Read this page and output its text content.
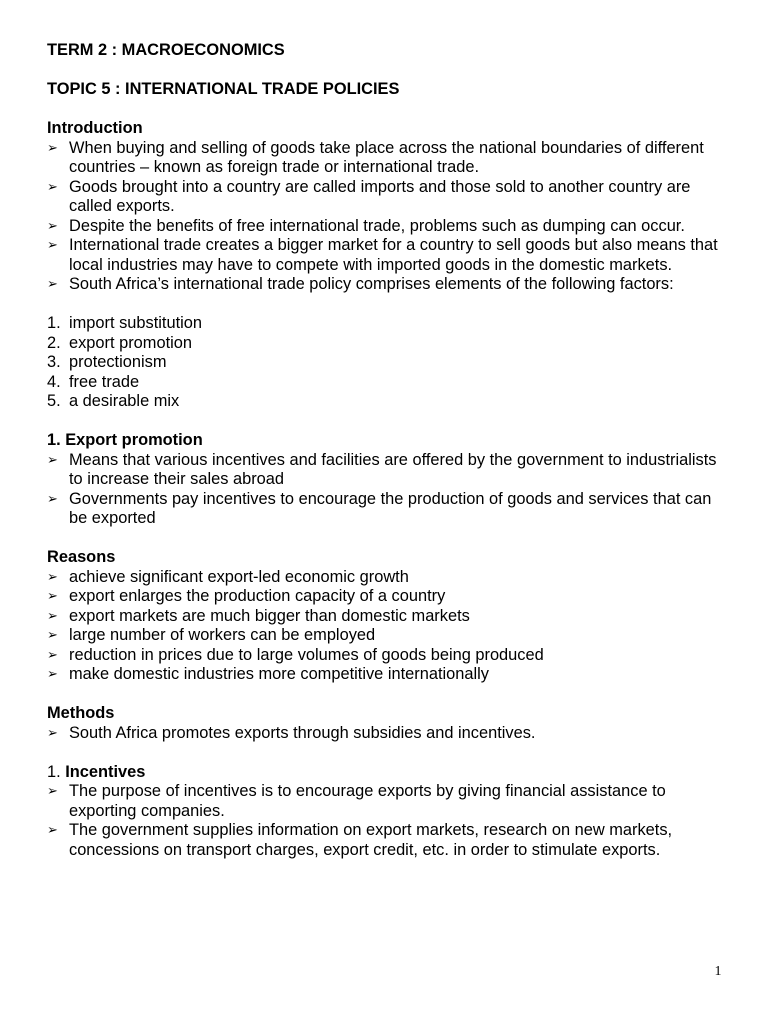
TERM 2 : MACROECONOMICS
TOPIC 5 : INTERNATIONAL TRADE POLICIES
Introduction
➢ When buying and selling of goods take place across the national boundaries of different countries – known as foreign trade or international trade.
➢ Goods brought into a country are called imports and those sold to another country are called exports.
➢ Despite the benefits of free international trade, problems such as dumping can occur.
➢ International trade creates a bigger market for a country to sell goods but also means that local industries may have to compete with imported goods in the domestic markets.
➢ South Africa’s international trade policy comprises elements of the following factors:
1. import substitution
2. export promotion
3. protectionism
4. free trade
5. a desirable mix
1. Export promotion
➢ Means that various incentives and facilities are offered by the government to industrialists to increase their sales abroad
➢ Governments pay incentives to encourage the production of goods and services that can be exported
Reasons
➢ achieve significant export-led economic growth
➢ export enlarges the production capacity of a country
➢ export markets are much bigger than domestic markets
➢ large number of workers can be employed
➢ reduction in prices due to large volumes of goods being produced
➢ make domestic industries more competitive internationally
Methods
➢ South Africa promotes exports through subsidies and incentives.
1. Incentives
➢ The purpose of incentives is to encourage exports by giving financial assistance to exporting companies.
➢ The government supplies information on export markets, research on new markets, concessions on transport charges, export credit, etc. in order to stimulate exports.
1
